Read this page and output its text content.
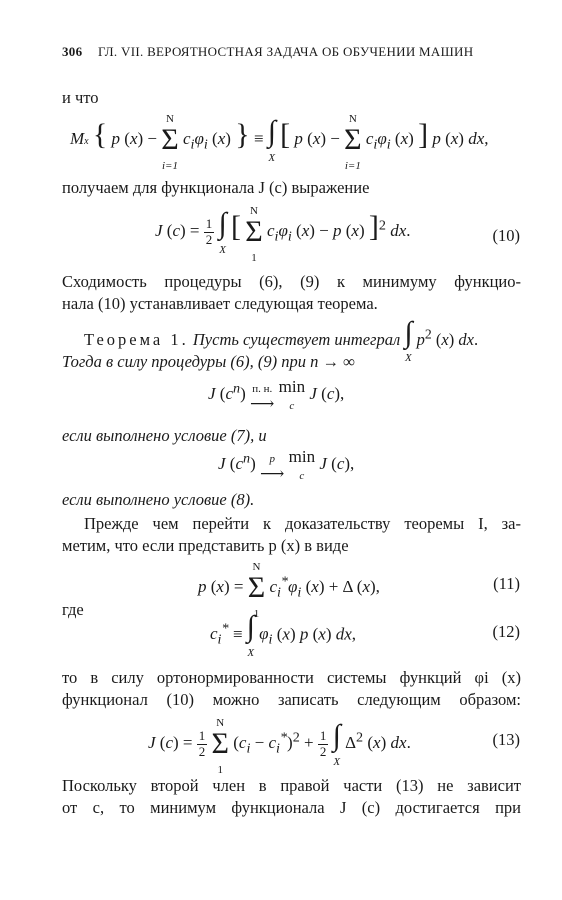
306 ГЛ. VII. ВЕРОЯТНОСТНАЯ ЗАДАЧА ОБ ОБУЧЕНИИ МАШИН
и что
Mx { p (x) − N
Σ
i=1 $c_i\varphi_i$ (x) } ≡ ∫
X [ p (x) − N
Σ
i=1 $c_i\varphi_i$ (x) ] p (x) dx,
получаем для функционала J (c) выражение
J $(c) = \frac{1}{2}$ ∫
X [ N
Σ
1 $c_i\varphi_i$ (x) − p (x) ]$^2$ dx.	(10)
Сходимость процедуры (6), (9) к минимуму функцио-
нала (10) устанавливает следующая теорема.
Теорема 1. Пусть существует интеграл ∫
X $p^2$ (x) dx.
Тогда в силу процедуры (6), (9) при n → ∞
J $(c^n)$ п. н.
⟶ min
c J (c),
если выполнено условие (7), и
J $(c^n)$ p
⟶ min
c J (c),
если выполнено условие (8).
Прежде чем перейти к доказательству теоремы I, за-
метим, что если представить p (x) в виде
p (x) = N
Σ
1 $c_i^*\varphi_i$ (x) + Δ (x),	(11)
где
$c_i^*$ ≡ ∫
X $\varphi_i$ (x) p (x) dx,	(12)
то в силу ортонормированности системы функций φi (x)
функционал (10) можно записать следующим образом:
J $(c) = \frac{1}{2}$
N
Σ
1 $(c_i - c_i^*)^2 + \frac{1}{2}$ ∫
X $\Delta^2$ (x) dx.	(13)
Поскольку второй член в правой части (13) не зависит
от c, то минимум функционала J (c) достигается при
